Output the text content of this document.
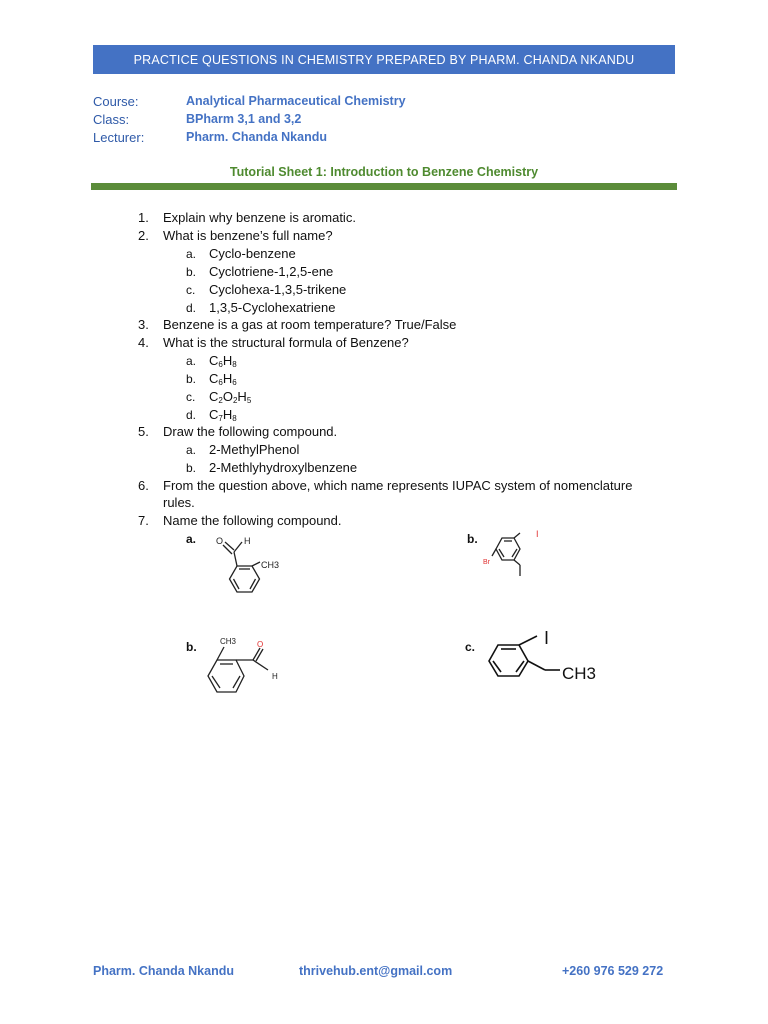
PRACTICE QUESTIONS IN CHEMISTRY PREPARED BY PHARM. CHANDA NKANDU
Course:	Analytical Pharmaceutical Chemistry
Class:	BPharm 3,1 and 3,2
Lecturer:	Pharm. Chanda Nkandu
Tutorial Sheet 1: Introduction to Benzene Chemistry
1. Explain why benzene is aromatic.
2. What is benzene’s full name?
a. Cyclo-benzene
b. Cyclotriene-1,2,5-ene
c. Cyclohexa-1,3,5-trikene
d. 1,3,5-Cyclohexatriene
3. Benzene is a gas at room temperature? True/False
4. What is the structural formula of Benzene?
a. $C_6H_8$
b. $C_6H_6$
c. $C_2O_2H_5$
d. $C_7H_8$
5. Draw the following compound.
a. 2-MethylPhenol
b. 2-Methlyhydroxylbenzene
6. From the question above, which name represents IUPAC system of nomenclature
rules.
7. Name the following compound.
a. O H
CH3
b.	I
Br
b.	CH3	O
H
c.	I
CH3
Pharm. Chanda Nkandu	thrivehub.ent@gmail.com	+260 976 529 272
